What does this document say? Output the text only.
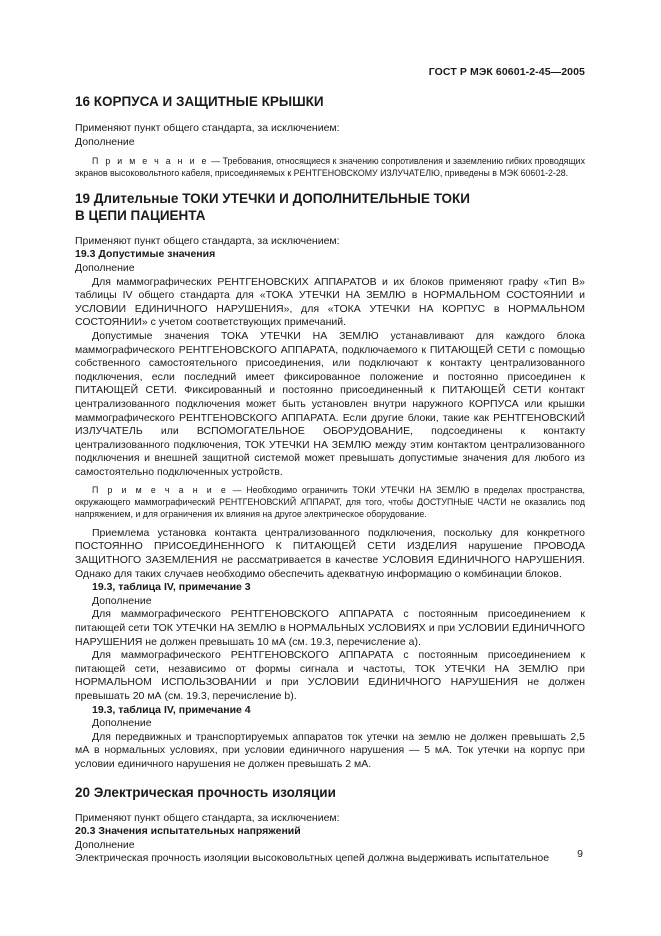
ГОСТ Р МЭК 60601-2-45—2005
16 КОРПУСА И ЗАЩИТНЫЕ КРЫШКИ

Применяют пункт общего стандарта, за исключением:

Дополнение

П р и м е ч а н и е — Требования, относящиеся к значению сопротивления и заземлению гибких проводящих экранов высоковольтного кабеля, присоединяемых к РЕНТГЕНОВСКОМУ ИЗЛУЧАТЕЛЮ, приведены в МЭК 60601-2-28.

19 Длительные ТОКИ УТЕЧКИ И ДОПОЛНИТЕЛЬНЫЕ ТОКИ
В ЦЕПИ ПАЦИЕНТА

Применяют пункт общего стандарта, за исключением:

19.3 Допустимые значения

Дополнение

Для маммографических РЕНТГЕНОВСКИХ АППАРАТОВ и их блоков применяют графу «Тип В» таблицы IV общего стандарта для «ТОКА УТЕЧКИ НА ЗЕМЛЮ в НОРМАЛЬНОМ СОСТОЯНИИ и УСЛОВИИ ЕДИНИЧНОГО НАРУШЕНИЯ», для «ТОКА УТЕЧКИ НА КОРПУС в НОРМАЛЬНОМ СОСТОЯНИИ» с учетом соответствующих примечаний.

Допустимые значения ТОКА УТЕЧКИ НА ЗЕМЛЮ устанавливают для каждого блока маммографического РЕНТГЕНОВСКОГО АППАРАТА, подключаемого к ПИТАЮЩЕЙ СЕТИ с помощью собственного самостоятельного присоединения, или подключают к контакту централизованного подключения, если последний имеет фиксированное положение и постоянно присоединен к ПИТАЮЩЕЙ СЕТИ. Фиксированный и постоянно присоединенный к ПИТАЮЩЕЙ СЕТИ контакт централизованного подключения может быть установлен внутри наружного КОРПУСА или крышки маммографического РЕНТГЕНОВСКОГО АППАРАТА. Если другие блоки, такие как РЕНТГЕНОВСКИЙ ИЗЛУЧАТЕЛЬ или ВСПОМОГАТЕЛЬНОЕ ОБОРУДОВАНИЕ, подсоединены к контакту централизованного подключения, ТОК УТЕЧКИ НА ЗЕМЛЮ между этим контактом централизованного подключения и внешней защитной системой может превышать допустимые значения для любого из самостоятельно подключенных устройств.

П р и м е ч а н и е — Необходимо ограничить ТОКИ УТЕЧКИ НА ЗЕМЛЮ в пределах пространства, окружающего маммографический РЕНТГЕНОВСКИЙ АППАРАТ, для того, чтобы ДОСТУПНЫЕ ЧАСТИ не оказались под напряжением, и для ограничения их влияния на другое электрическое оборудование.

Приемлема установка контакта централизованного подключения, поскольку для конкретного ПОСТОЯННО ПРИСОЕДИНЕННОГО К ПИТАЮЩЕЙ СЕТИ ИЗДЕЛИЯ нарушение ПРОВОДА ЗАЩИТНОГО ЗАЗЕМЛЕНИЯ не рассматривается в качестве УСЛОВИЯ ЕДИНИЧНОГО НАРУШЕНИЯ. Однако для таких случаев необходимо обеспечить адекватную информацию о комбинации блоков.

19.3, таблица IV, примечание 3

Дополнение

Для маммографического РЕНТГЕНОВСКОГО АППАРАТА с постоянным присоединением к питающей сети ТОК УТЕЧКИ НА ЗЕМЛЮ в НОРМАЛЬНЫХ УСЛОВИЯХ и при УСЛОВИИ ЕДИНИЧНОГО НАРУШЕНИЯ не должен превышать 10 мА (см. 19.3, перечисление а).

Для маммографического РЕНТГЕНОВСКОГО АППАРАТА с постоянным присоединением к питающей сети, независимо от формы сигнала и частоты, ТОК УТЕЧКИ НА ЗЕМЛЮ при НОРМАЛЬНОМ ИСПОЛЬЗОВАНИИ и при УСЛОВИИ ЕДИНИЧНОГО НАРУШЕНИЯ не должен превышать 20 мА (см. 19.3, перечисление b).

19.3, таблица IV, примечание 4

Дополнение

Для передвижных и транспортируемых аппаратов ток утечки на землю не должен превышать 2,5 мА в нормальных условиях, при условии единичного нарушения — 5 мА. Ток утечки на корпус при условии единичного нарушения не должен превышать 2 мА.

20 Электрическая прочность изоляции

Применяют пункт общего стандарта, за исключением:

20.3 Значения испытательных напряжений

Дополнение

Электрическая прочность изоляции высоковольтных цепей должна выдерживать испытательное	9
